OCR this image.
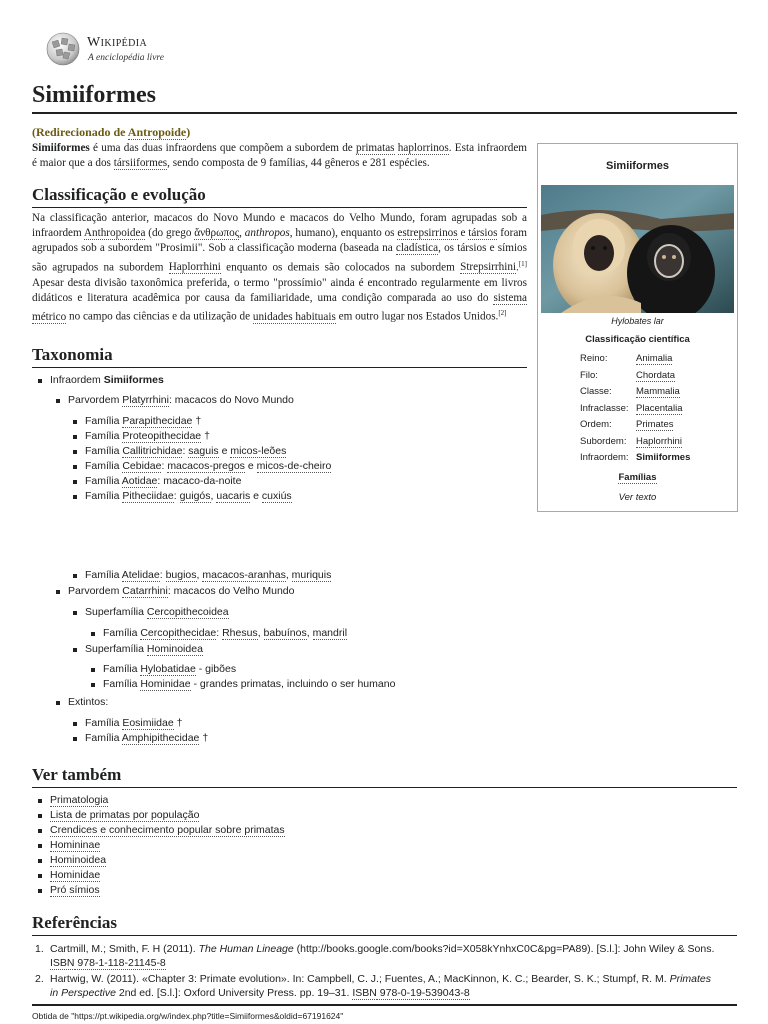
Wikipédia
A enciclopédia livre
Simiiformes
(Redirecionado de Antropoide)
Simiiformes é uma das duas infraordens que compõem a subordem de primatas haplorrinos. Esta infraordem é maior que a dos társiiformes, sendo composta de 9 famílias, 44 gêneros e 281 espécies.
Classificação e evolução
Na classificação anterior, macacos do Novo Mundo e macacos do Velho Mundo, foram agrupadas sob a infraordem Anthropoidea (do grego ἄνθρωπος, anthropos, humano), enquanto os estrepsirrinos e társios foram agrupados sob a subordem "Prosimii". Sob a classificação moderna (baseada na cladística, os társios e símios são agrupados na subordem Haplorrhini enquanto os demais são colocados na subordem Strepsirrhini.[1] Apesar desta divisão taxonômica preferida, o termo "prossímio" ainda é encontrado regularmente em livros didáticos e literatura acadêmica por causa da familiaridade, uma condição comparada ao uso do sistema métrico no campo das ciências e da utilização de unidades habituais em outro lugar nos Estados Unidos.[2]
Taxonomia
Infraordem Simiiformes
Parvordem Platyrrhini: macacos do Novo Mundo
Família Parapithecidae †
Família Proteopithecidae †
Família Callitrichidae: saguis e micos-leões
Família Cebidae: macacos-pregos e micos-de-cheiro
Família Aotidae: macaco-da-noite
Família Pitheciidae: guigós, uacaris e cuxiús
Família Atelidae: bugios, macacos-aranhas, muriquis
Parvordem Catarrhini: macacos do Velho Mundo
Superfamília Cercopithecoidea
Família Cercopithecidae: Rhesus, babuínos, mandril
Superfamília Hominoidea
Família Hylobatidae - gibões
Família Hominidae - grandes primatas, incluindo o ser humano
Extintos:
Família Eosimiidae †
Família Amphipithecidae †
Ver também
Primatologia
Lista de primatas por população
Crendices e conhecimento popular sobre primatas
Homininae
Hominoidea
Hominidae
Pró símios
Referências
1. Cartmill, M.; Smith, F. H (2011). The Human Lineage (http://books.google.com/books?id=X058kYnhxC0C&pg=PA89). [S.l.]: John Wiley & Sons. ISBN 978-1-118-21145-8
2. Hartwig, W. (2011). «Chapter 3: Primate evolution». In: Campbell, C. J.; Fuentes, A.; MacKinnon, K. C.; Bearder, S. K.; Stumpf, R. M. Primates in Perspective 2nd ed. [S.l.]: Oxford University Press. pp. 19–31. ISBN 978-0-19-539043-8
Obtida de "https://pt.wikipedia.org/w/index.php?title=Simiiformes&oldid=67191624"
Simiiformes
Hylobates lar
Classificação científica
Reino:	Animalia
Filo:	Chordata
Classe:	Mammalia
Infraclasse: Placentalia
Ordem:	Primates
Subordem: Haplorrhini
Infraordem: Simiiformes
Famílias
Ver texto
